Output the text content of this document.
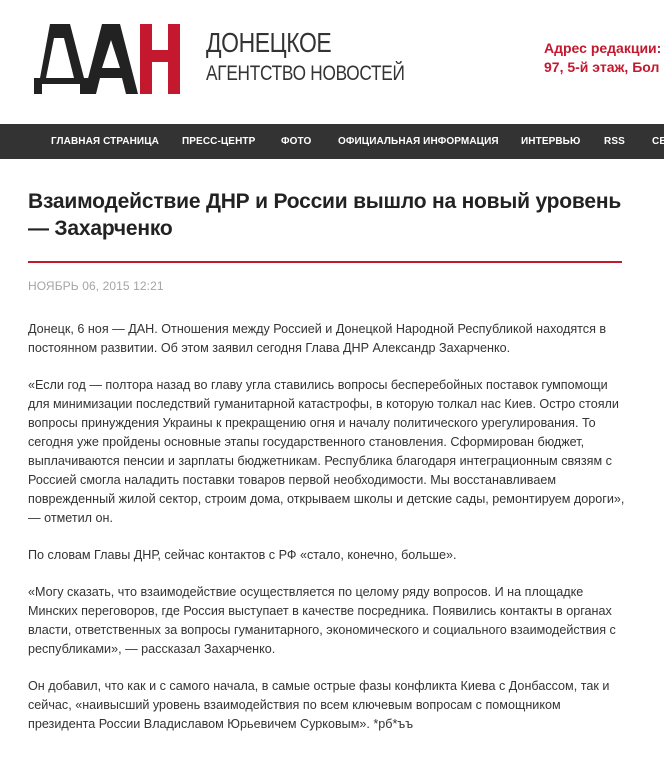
ДОНЕЦКОЕ
АГЕНТСТВО НОВОСТЕЙ
Адрес редакции:
97, 5-й этаж, Бол
ГЛАВНАЯ СТРАНИЦА ПРЕСС-ЦЕНТР	ФОТО	ОФИЦИАЛЬНАЯ ИНФОРМАЦИЯ ИНТЕРВЬЮ RSS	СЕ
Взаимодействие ДНР и России вышло на новый уровень — Захарченко
НОЯБРЬ 06, 2015 12:21

Донецк, 6 ноя — ДАН. Отношения между Россией и Донецкой Народной Республикой находятся в постоянном развитии. Об этом заявил сегодня Глава ДНР Александр Захарченко.

«Если год — полтора назад во главу угла ставились вопросы бесперебойных поставок гумпомощи для минимизации последствий гуманитарной катастрофы, в которую толкал нас Киев. Остро стояли вопросы принуждения Украины к прекращению огня и началу политического урегулирования. То сегодня уже пройдены основные этапы государственного становления. Сформирован бюджет, выплачиваются пенсии и зарплаты бюджетникам. Республика благодаря интеграционным связям с Россией смогла наладить поставки товаров первой необходимости. Мы восстанавливаем поврежденный жилой сектор, строим дома, открываем школы и детские сады, ремонтируем дороги», — отметил он.

По словам Главы ДНР, сейчас контактов с РФ «стало, конечно, больше».

«Могу сказать, что взаимодействие осуществляется по целому ряду вопросов. И на площадке Минских переговоров, где Россия выступает в качестве посредника. Появились контакты в органах власти, ответственных за вопросы гуманитарного, экономического и социального взаимодействия с республиками», — рассказал Захарченко.

Он добавил, что как и с самого начала, в самые острые фазы конфликта Киева с Донбассом, так и сейчас, «наивысший уровень взаимодействия по всем ключевым вопросам с помощником президента России Владиславом Юрьевичем Сурковым». *рб*ъъ
